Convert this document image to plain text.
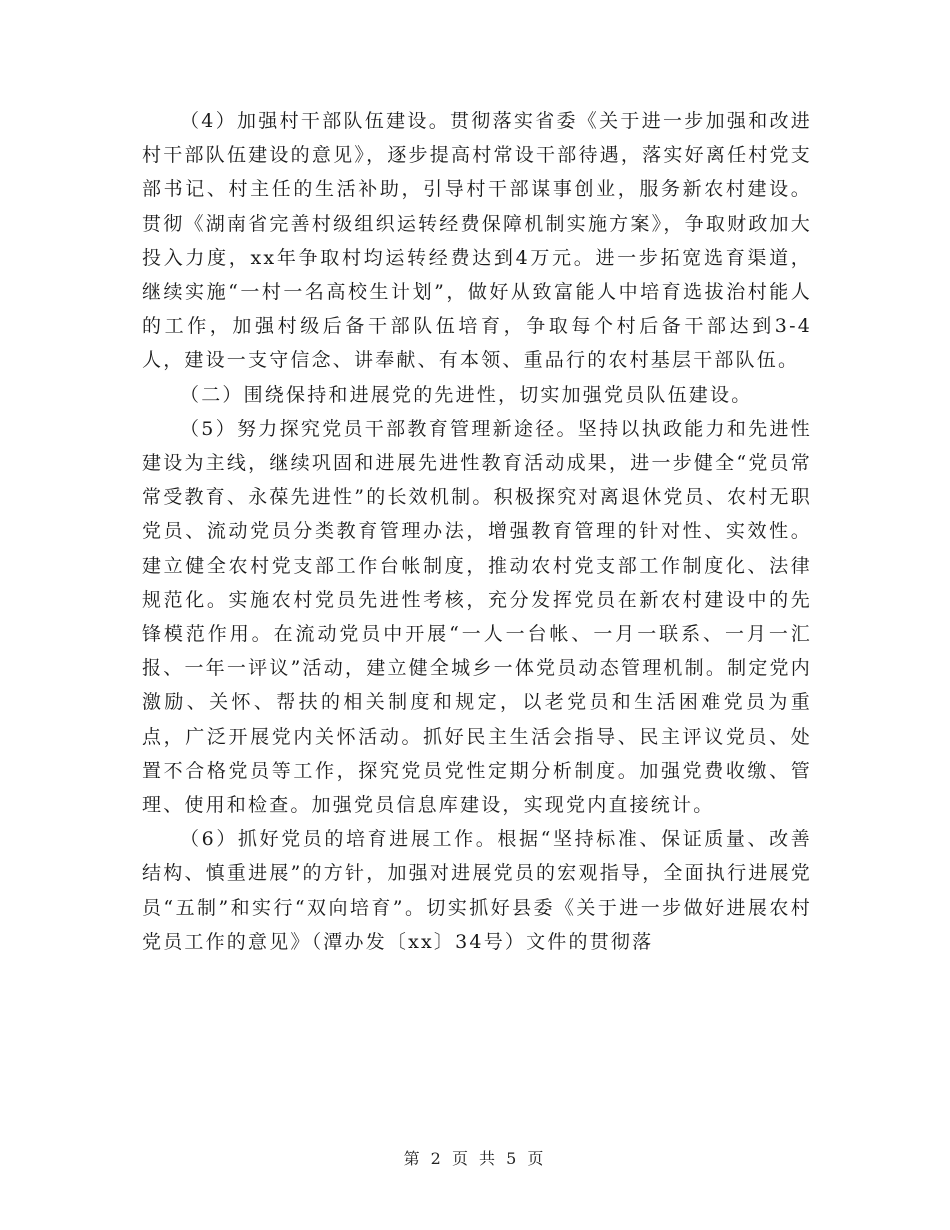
（4）加强村干部队伍建设。贯彻落实省委《关于进一步加强和改进村干部队伍建设的意见》，逐步提高村常设干部待遇，落实好离任村党支部书记、村主任的生活补助，引导村干部谋事创业，服务新农村建设。贯彻《湖南省完善村级组织运转经费保障机制实施方案》，争取财政加大投入力度，xx年争取村均运转经费达到4万元。进一步拓宽选育渠道，继续实施“一村一名高校生计划”，做好从致富能人中培育选拔治村能人的工作，加强村级后备干部队伍培育，争取每个村后备干部达到3-4人，建设一支守信念、讲奉献、有本领、重品行的农村基层干部队伍。

（二）围绕保持和进展党的先进性，切实加强党员队伍建设。

（5）努力探究党员干部教育管理新途径。坚持以执政能力和先进性建设为主线，继续巩固和进展先进性教育活动成果，进一步健全“党员常常受教育、永葆先进性”的长效机制。积极探究对离退休党员、农村无职党员、流动党员分类教育管理办法，增强教育管理的针对性、实效性。建立健全农村党支部工作台帐制度，推动农村党支部工作制度化、法律规范化。实施农村党员先进性考核，充分发挥党员在新农村建设中的先锋模范作用。在流动党员中开展“一人一台帐、一月一联系、一月一汇报、一年一评议”活动，建立健全城乡一体党员动态管理机制。制定党内激励、关怀、帮扶的相关制度和规定，以老党员和生活困难党员为重点，广泛开展党内关怀活动。抓好民主生活会指导、民主评议党员、处置不合格党员等工作，探究党员党性定期分析制度。加强党费收缴、管理、使用和检查。加强党员信息库建设，实现党内直接统计。

（6）抓好党员的培育进展工作。根据“坚持标准、保证质量、改善结构、慎重进展”的方针，加强对进展党员的宏观指导，全面执行进展党员“五制”和实行“双向培育”。切实抓好县委《关于进一步做好进展农村党员工作的意见》（潭办发〔xx〕34号）文件的贯彻落

第 2 页 共 5 页
